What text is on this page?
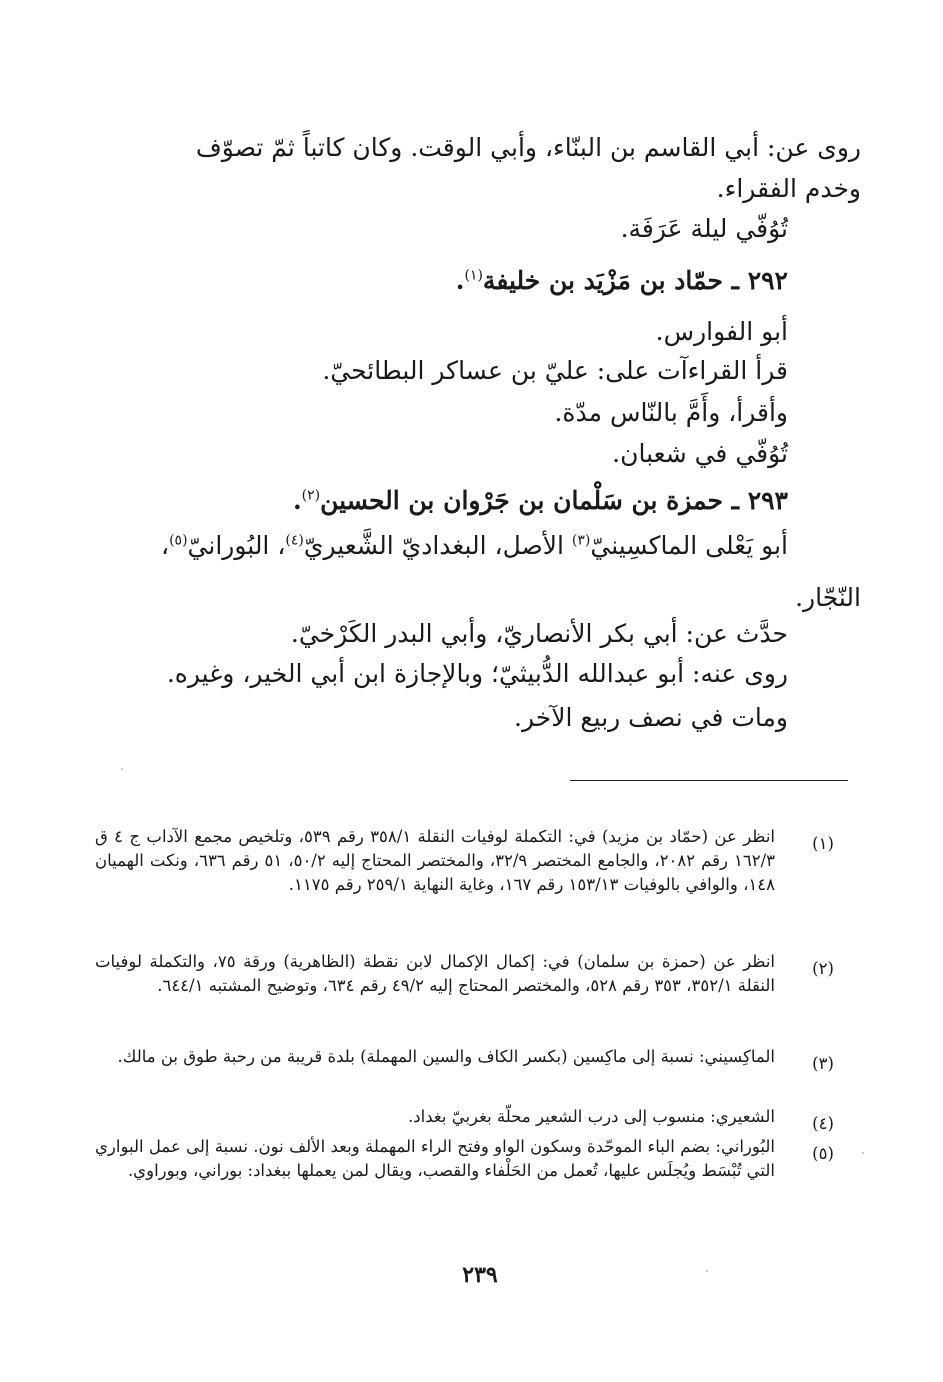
روى عن: أبي القاسم بن البنّاء، وأبي الوقت. وكان كاتباً ثمّ تصوّف
وخدم الفقراء.
تُوُفّي ليلة عَرَفَة.
٢٩٢ ـ حمّاد بن مَزْيَد بن خليفة$^{(١)}$.
أبو الفوارس.
قرأ القراءآت على: عليّ بن عساكر البطائحيّ.
وأقرأ، وأَمَّ بالنّاس مدّة.
تُوُفّي في شعبان.
٢٩٣ ـ حمزة بن سَلْمان بن جَرْوان بن الحسين$^{(٢)}$.
أبو يَعْلى الماكسِينيّ$^{(٣)}$ الأصل، البغداديّ الشَّعيريّ$^{(٤)}$، البُورانيّ$^{(٥)}$،
النّجّار.
حدَّث عن: أبي بكر الأنصاريّ، وأبي البدر الكَرْخيّ.
روى عنه: أبو عبدالله الدُّبيثيّ؛ وبالإجازة ابن أبي الخير، وغيره.
ومات في نصف ربيع الآخر.
(١)
انظر عن (حمّاد بن مزيد) في: التكملة لوفيات النقلة ٣٥٨/١ رقم ٥٣٩، وتلخيص مجمع الآداب ج ٤ ق ١٦٢/٣ رقم ٢٠٨٢، والجامع المختصر ٣٢/٩، والمختصر المحتاج إليه ٥٠/٢، ٥١ رقم ٦٣٦، ونكت الهميان ١٤٨، والوافي بالوفيات ١٥٣/١٣ رقم ١٦٧، وغاية النهاية ٢٥٩/١ رقم ١١٧٥.
(٢)
انظر عن (حمزة بن سلمان) في: إكمال الإكمال لابن نقطة (الظاهرية) ورقة ٧٥، والتكملة لوفيات النقلة ٣٥٢/١، ٣٥٣ رقم ٥٢٨، والمختصر المحتاج إليه ٤٩/٢ رقم ٦٣٤، وتوضيح المشتبه ٦٤٤/١.
(٣)
الماكِسيني: نسبة إلى ماكِسين (بكسر الكاف والسين المهملة) بلدة قريبة من رحبة طوق بن مالك.
(٤)
الشعيري: منسوب إلى درب الشعير محلّة بغربيّ بغداد.
(٥)
البُوراني: بضم الباء الموحّدة وسكون الواو وفتح الراء المهملة وبعد الألف نون. نسبة إلى عمل البواري التي تُبْسَط ويُجلَس عليها، تُعمل من الحَلْفاء والقصب، ويقال لمن يعملها ببغداد: بوراني، وبوراوي.
٢٣٩
